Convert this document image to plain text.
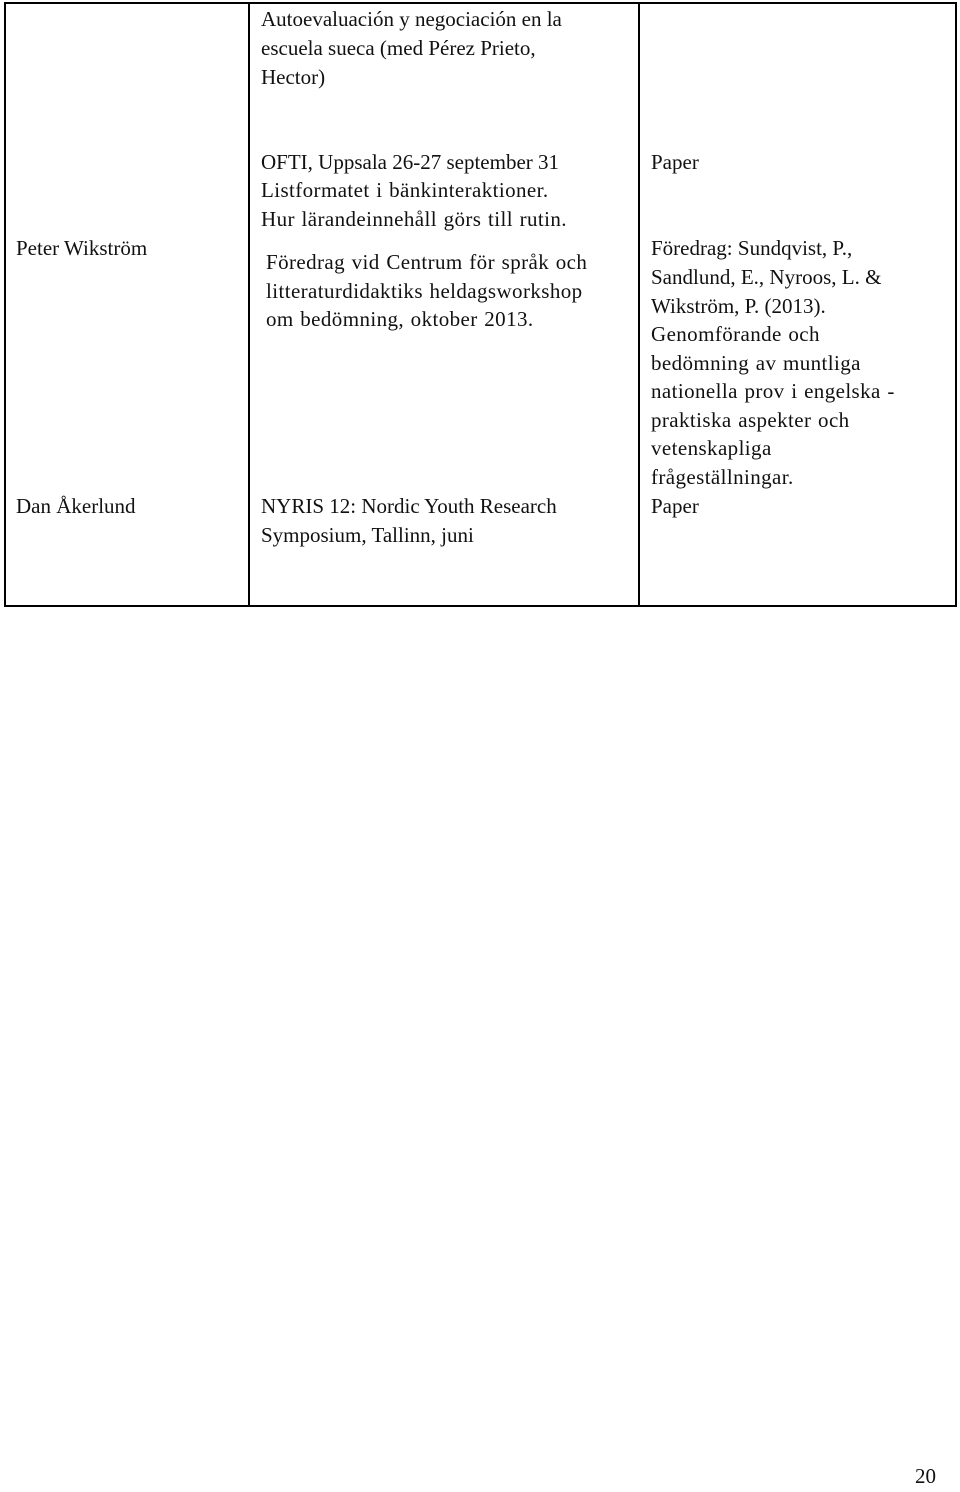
Autoevaluación y negociación en la
escuela sueca (med Pérez Prieto,
Hector)
Peter Wikström
OFTI, Uppsala 26-27 september 31
Listformatet i bänkinteraktioner.
Hur lärandeinnehåll görs till rutin.
Föredrag vid Centrum för språk och
litteraturdidaktiks heldagsworkshop
om bedömning, oktober 2013.
Paper
Föredrag: Sundqvist, P.,
Sandlund, E., Nyroos, L. &
Wikström, P. (2013).
Genomförande och
bedömning av muntliga
nationella prov i engelska -
praktiska aspekter och
vetenskapliga
frågeställningar.
Dan Åkerlund	NYRIS 12: Nordic Youth Research
Symposium, Tallinn, juni
Paper
20
